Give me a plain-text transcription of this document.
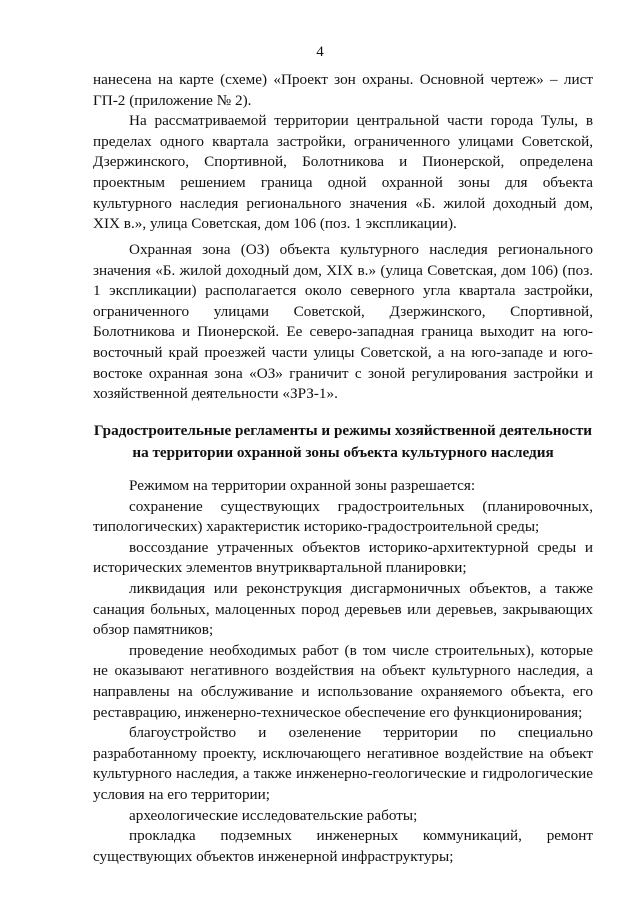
4

нанесена на карте (схеме) «Проект зон охраны. Основной чертеж» – лист ГП-2 (приложение № 2).

На рассматриваемой территории центральной части города Тулы, в пределах одного квартала застройки, ограниченного улицами Советской, Дзержинского, Спортивной, Болотникова и Пионерской, определена проектным решением граница одной охранной зоны для объекта культурного наследия регионального значения «Б. жилой доходный дом, XIX в.», улица Советская, дом 106 (поз. 1 экспликации).

Охранная зона (ОЗ) объекта культурного наследия регионального значения «Б. жилой доходный дом, XIX в.» (улица Советская, дом 106) (поз. 1 экспликации) располагается около северного угла квартала застройки, ограниченного улицами Советской, Дзержинского, Спортивной, Болотникова и Пионерской. Ее северо-западная граница выходит на юго-восточный край проезжей части улицы Советской, а на юго-западе и юго-востоке охранная зона «ОЗ» граничит с зоной регулирования застройки и хозяйственной деятельности «ЗРЗ-1».

Градостроительные регламенты и режимы хозяйственной деятельности
на территории охранной зоны объекта культурного наследия

Режимом на территории охранной зоны разрешается:

сохранение существующих градостроительных (планировочных, типологических) характеристик историко-градостроительной среды;

воссоздание утраченных объектов историко-архитектурной среды и исторических элементов внутриквартальной планировки;

ликвидация или реконструкция дисгармоничных объектов, а также санация больных, малоценных пород деревьев или деревьев, закрывающих обзор памятников;

проведение необходимых работ (в том числе строительных), которые не оказывают негативного воздействия на объект культурного наследия, а направлены на обслуживание и использование охраняемого объекта, его реставрацию, инженерно-техническое обеспечение его функционирования;

благоустройство и озеленение территории по специально разработанному проекту, исключающего негативное воздействие на объект культурного наследия, а также инженерно-геологические и гидрологические условия на его территории;

археологические исследовательские работы;

прокладка подземных инженерных коммуникаций, ремонт существующих объектов инженерной инфраструктуры;
